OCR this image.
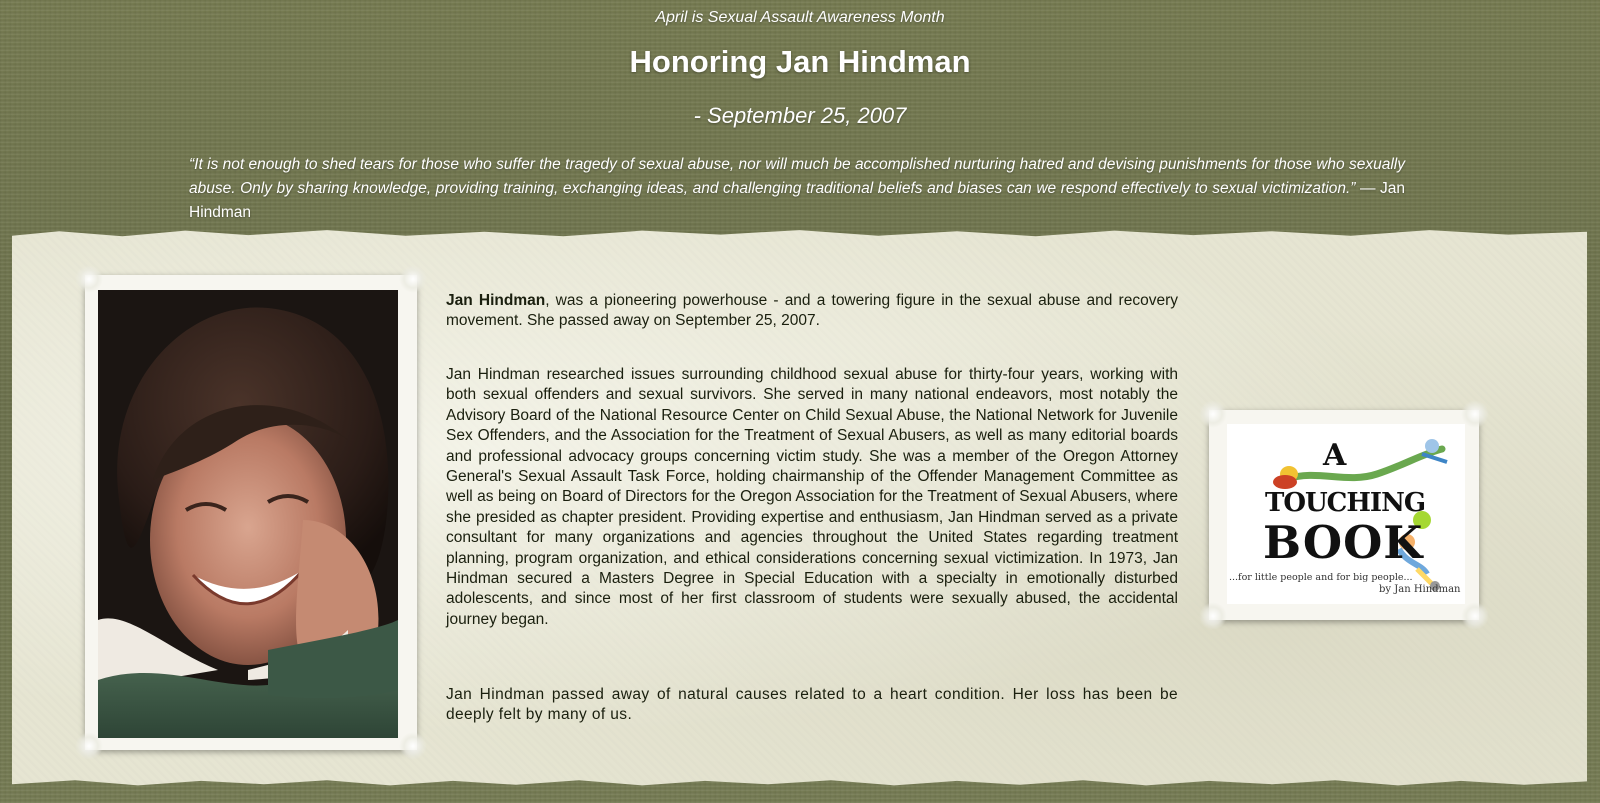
April is Sexual Assault Awareness Month
Honoring Jan Hindman
- September 25, 2007
“It is not enough to shed tears for those who suffer the tragedy of sexual abuse, nor will much be accomplished nurturing hatred and devising punishments for those who sexually abuse. Only by sharing knowledge, providing training, exchanging ideas, and challenging traditional beliefs and biases can we respond effectively to sexual victimization.” — Jan Hindman

Jan Hindman, was a pioneering powerhouse - and a towering figure in the sexual abuse and recovery movement. She passed away on September 25, 2007.

Jan Hindman researched issues surrounding childhood sexual abuse for thirty-four years, working with both sexual offenders and sexual survivors. She served in many national endeavors, most notably the Advisory Board of the National Resource Center on Child Sexual Abuse, the National Network for Juvenile Sex Offenders, and the Association for the Treatment of Sexual Abusers, as well as many editorial boards and professional advocacy groups concerning victim study. She was a member of the Oregon Attorney General's Sexual Assault Task Force, holding chairmanship of the Offender Management Committee as well as being on Board of Directors for the Oregon Association for the Treatment of Sexual Abusers, where she presided as chapter president. Providing expertise and enthusiasm, Jan Hindman served as a private consultant for many organizations and agencies throughout the United States regarding treatment planning, program organization, and ethical considerations concerning sexual victimization. In 1973, Jan Hindman secured a Masters Degree in Special Education with a specialty in emotionally disturbed adolescents, and since most of her first classroom of students were sexually abused, the accidental journey began.

Jan Hindman passed away of natural causes related to a heart condition. Her loss has been be deeply felt by many of us.

A
TOUCHING
BOOK
...for little people and for big people...
by Jan Hindman
